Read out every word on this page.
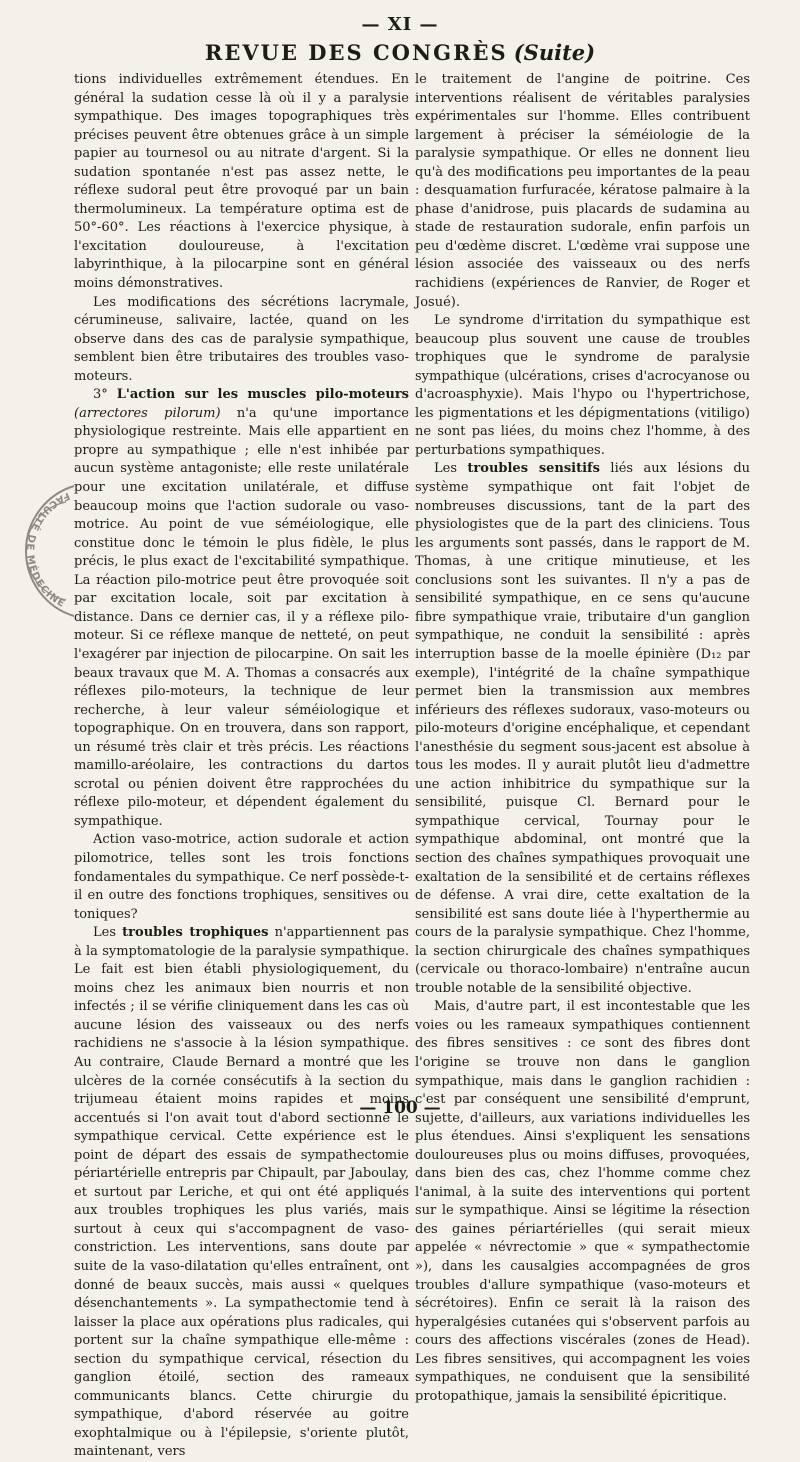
— XI —
REVUE DES CONGRÈS (Suite)

tions individuelles extrêmement étendues. En général la sudation cesse là où il y a paralysie sympathique. Des images topographiques très précises peuvent être obtenues grâce à un simple papier au tournesol ou au nitrate d'argent. Si la sudation spontanée n'est pas assez nette, le réflexe sudoral peut être provoqué par un bain thermolumineux. La température optima est de 50°-60°. Les réactions à l'exercice physique, à l'excitation douloureuse, à l'excitation labyrinthique, à la pilocarpine sont en général moins démonstratives.

Les modifications des sécrétions lacrymale, cérumineuse, salivaire, lactée, quand on les observe dans des cas de paralysie sympathique, semblent bien être tributaires des troubles vaso-moteurs.

3° L'action sur les muscles pilo-moteurs (arrectores pilorum) n'a qu'une importance physiologique restreinte. Mais elle appartient en propre au sympathique ; elle n'est inhibée par aucun système antagoniste; elle reste unilatérale pour une excitation unilatérale, et diffuse beaucoup moins que l'action sudorale ou vaso-motrice. Au point de vue séméiologique, elle constitue donc le témoin le plus fidèle, le plus précis, le plus exact de l'excitabilité sympathique. La réaction pilo-motrice peut être provoquée soit par excitation locale, soit par excitation à distance. Dans ce dernier cas, il y a réflexe pilo-moteur. Si ce réflexe manque de netteté, on peut l'exagérer par injection de pilocarpine. On sait les beaux travaux que M. A. Thomas a consacrés aux réflexes pilo-moteurs, la technique de leur recherche, à leur valeur séméiologique et topographique. On en trouvera, dans son rapport, un résumé très clair et très précis. Les réactions mamillo-aréolaire, les contractions du dartos scrotal ou pénien doivent être rapprochées du réflexe pilo-moteur, et dépendent également du sympathique.

Action vaso-motrice, action sudorale et action pilomotrice, telles sont les trois fonctions fondamentales du sympathique. Ce nerf possède-t-il en outre des fonctions trophiques, sensitives ou toniques?

Les troubles trophiques n'appartiennent pas à la symptomatologie de la paralysie sympathique. Le fait est bien établi physiologiquement, du moins chez les animaux bien nourris et non infectés ; il se vérifie cliniquement dans les cas où aucune lésion des vaisseaux ou des nerfs rachidiens ne s'associe à la lésion sympathique. Au contraire, Claude Bernard a montré que les ulcères de la cornée consécutifs à la section du trijumeau étaient moins rapides et moins accentués si l'on avait tout d'abord sectionné le sympathique cervical. Cette expérience est le point de départ des essais de sympathectomie périartérielle entrepris par Chipault, par Jaboulay, et surtout par Leriche, et qui ont été appliqués aux troubles trophiques les plus variés, mais surtout à ceux qui s'accompagnent de vaso-constriction. Les interventions, sans doute par suite de la vaso-dilatation qu'elles entraînent, ont donné de beaux succès, mais aussi « quelques désenchantements ». La sympathectomie tend à laisser la place aux opérations plus radicales, qui portent sur la chaîne sympathique elle-même : section du sympathique cervical, résection du ganglion étoilé, section des rameaux communicants blancs. Cette chirurgie du sympathique, d'abord réservée au goitre exophtalmique ou à l'épilepsie, s'oriente plutôt, maintenant, vers

le traitement de l'angine de poitrine. Ces interventions réalisent de véritables paralysies expérimentales sur l'homme. Elles contribuent largement à préciser la séméiologie de la paralysie sympathique. Or elles ne donnent lieu qu'à des modifications peu importantes de la peau : desquamation furfuracée, kératose palmaire à la phase d'anidrose, puis placards de sudamina au stade de restauration sudorale, enfin parfois un peu d'œdème discret. L'œdème vrai suppose une lésion associée des vaisseaux ou des nerfs rachidiens (expériences de Ranvier, de Roger et Josué).

Le syndrome d'irritation du sympathique est beaucoup plus souvent une cause de troubles trophiques que le syndrome de paralysie sympathique (ulcérations, crises d'acrocyanose ou d'acroasphyxie). Mais l'hypo ou l'hypertrichose, les pigmentations et les dépigmentations (vitiligo) ne sont pas liées, du moins chez l'homme, à des perturbations sympathiques.

Les troubles sensitifs liés aux lésions du système sympathique ont fait l'objet de nombreuses discussions, tant de la part des physiologistes que de la part des cliniciens. Tous les arguments sont passés, dans le rapport de M. Thomas, à une critique minutieuse, et les conclusions sont les suivantes. Il n'y a pas de sensibilité sympathique, en ce sens qu'aucune fibre sympathique vraie, tributaire d'un ganglion sympathique, ne conduit la sensibilité : après interruption basse de la moelle épinière (D₁₂ par exemple), l'intégrité de la chaîne sympathique permet bien la transmission aux membres inférieurs des réflexes sudoraux, vaso-moteurs ou pilo-moteurs d'origine encéphalique, et cependant l'anesthésie du segment sous-jacent est absolue à tous les modes. Il y aurait plutôt lieu d'admettre une action inhibitrice du sympathique sur la sensibilité, puisque Cl. Bernard pour le sympathique cervical, Tournay pour le sympathique abdominal, ont montré que la section des chaînes sympathiques provoquait une exaltation de la sensibilité et de certains réflexes de défense. A vrai dire, cette exaltation de la sensibilité est sans doute liée à l'hyperthermie au cours de la paralysie sympathique. Chez l'homme, la section chirurgicale des chaînes sympathiques (cervicale ou thoraco-lombaire) n'entraîne aucun trouble notable de la sensibilité objective.

Mais, d'autre part, il est incontestable que les voies ou les rameaux sympathiques contiennent des fibres sensitives : ce sont des fibres dont l'origine se trouve non dans le ganglion sympathique, mais dans le ganglion rachidien : c'est par conséquent une sensibilité d'emprunt, sujette, d'ailleurs, aux variations individuelles les plus étendues. Ainsi s'expliquent les sensations douloureuses plus ou moins diffuses, provoquées, dans bien des cas, chez l'homme comme chez l'animal, à la suite des interventions qui portent sur le sympathique. Ainsi se légitime la résection des gaines périartérielles (qui serait mieux appelée « névrectomie » que « sympathectomie »), dans les causalgies accompagnées de gros troubles d'allure sympathique (vaso-moteurs et sécrétoires). Enfin ce serait là la raison des hyperalgésies cutanées qui s'observent parfois au cours des affections viscérales (zones de Head). Les fibres sensitives, qui accompagnent les voies sympathiques, ne conduisent que la sensibilité protopathique, jamais la sensibilité épicritique.

FACULTÉ DE MÉDECINE
— 100 —
